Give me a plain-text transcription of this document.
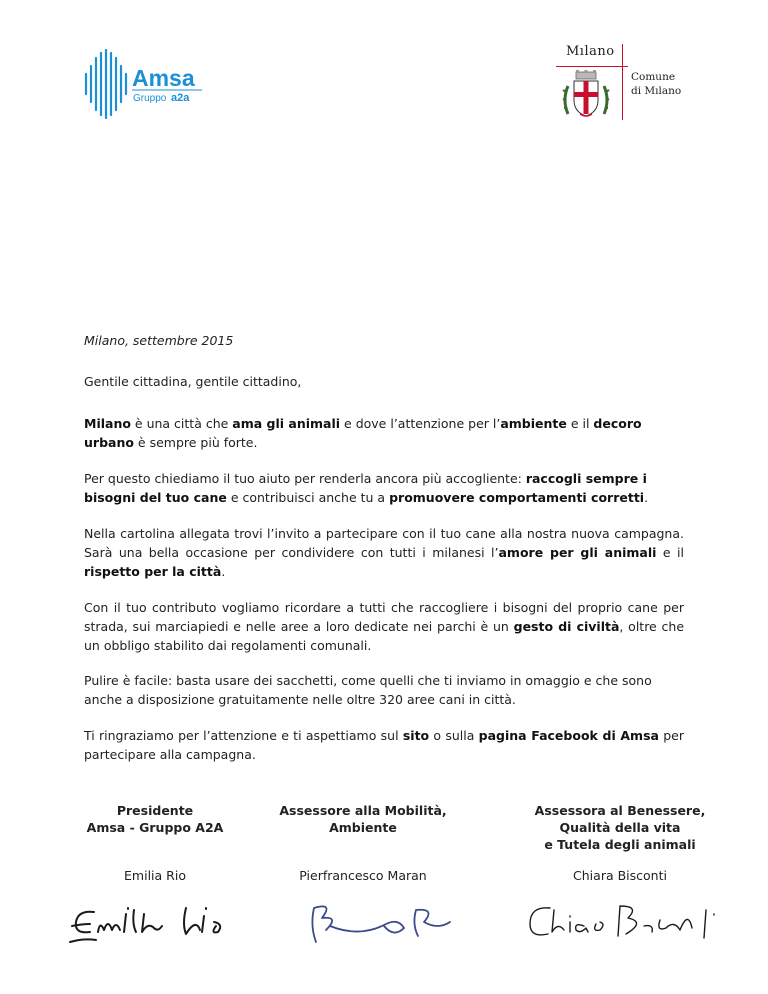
Amsa
Gruppo a2a
Mılano
Comune
di Mılano
Milano, settembre 2015
Gentile cittadina, gentile cittadino,
Milano è una città che ama gli animali e dove l’attenzione per l’ambiente e il decoro urbano è sempre più forte.
Per questo chiediamo il tuo aiuto per renderla ancora più accogliente: raccogli sempre i bisogni del tuo cane e contribuisci anche tu a promuovere comportamenti corretti.
Nella cartolina allegata trovi l’invito a partecipare con il tuo cane alla nostra nuova campagna. Sarà una bella occasione per condividere con tutti i milanesi l’amore per gli animali e il rispetto per la città.
Con il tuo contributo vogliamo ricordare a tutti che raccogliere i bisogni del proprio cane per strada, sui marciapiedi e nelle aree a loro dedicate nei parchi è un gesto di civiltà, oltre che un obbligo stabilito dai regolamenti comunali.
Pulire è facile: basta usare dei sacchetti, come quelli che ti inviamo in omaggio e che sono anche a disposizione gratuitamente nelle oltre 320 aree cani in città.
Ti ringraziamo per l’attenzione e ti aspettiamo sul sito o sulla pagina Facebook di Amsa per partecipare alla campagna.
Presidente
Amsa - Gruppo A2A
Assessore alla Mobilità,
Ambiente
Assessora al Benessere,
Qualità della vita
e Tutela degli animali
Emilia Rio	Pierfrancesco Maran	Chiara Bisconti
